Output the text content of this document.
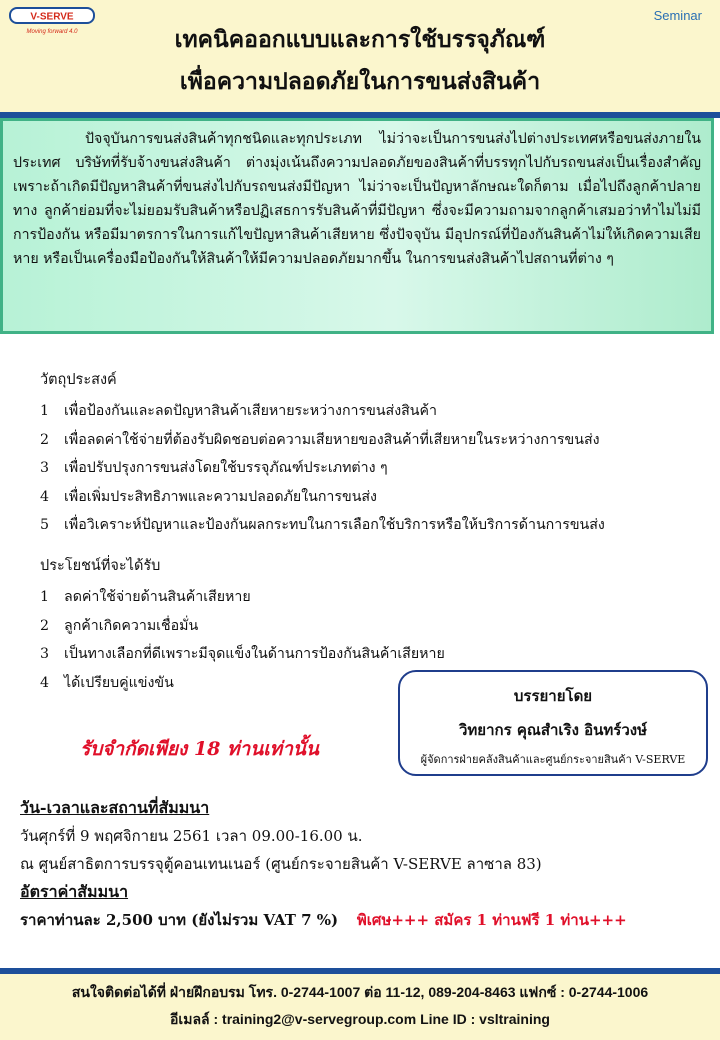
V-SERVE
Moving forward 4.0
Seminar
เทคนิคออกแบบและการใช้บรรจุภัณฑ์
เพื่อความปลอดภัยในการขนส่งสินค้า

ปัจจุบันการขนส่งสินค้าทุกชนิดและทุกประเภท ไม่ว่าจะเป็นการขนส่งไปต่างประเทศหรือขนส่งภายในประเทศ บริษัทที่รับจ้างขนส่งสินค้า ต่างมุ่งเน้นถึงความปลอดภัยของสินค้าที่บรรทุกไปกับรถขนส่งเป็นเรื่องสำคัญ เพราะถ้าเกิดมีปัญหาสินค้าที่ขนส่งไปกับรถขนส่งมีปัญหา ไม่ว่าจะเป็นปัญหาลักษณะใดก็ตาม เมื่อไปถึงลูกค้าปลายทาง ลูกค้าย่อมที่จะไม่ยอมรับสินค้าหรือปฏิเสธการรับสินค้าที่มีปัญหา ซึ่งจะมีความถามจากลูกค้าเสมอว่าทำไมไม่มีการป้องกัน หรือมีมาตรการในการแก้ไขปัญหาสินค้าเสียหาย ซึ่งปัจจุบัน มีอุปกรณ์ที่ป้องกันสินค้าไม่ให้เกิดความเสียหาย หรือเป็นเครื่องมือป้องกันให้สินค้าให้มีความปลอดภัยมากขึ้น ในการขนส่งสินค้าไปสถานที่ต่าง ๆ

วัตถุประสงค์
1 เพื่อป้องกันและลดปัญหาสินค้าเสียหายระหว่างการขนส่งสินค้า
2 เพื่อลดค่าใช้จ่ายที่ต้องรับผิดชอบต่อความเสียหายของสินค้าที่เสียหายในระหว่างการขนส่ง
3 เพื่อปรับปรุงการขนส่งโดยใช้บรรจุภัณฑ์ประเภทต่าง ๆ
4 เพื่อเพิ่มประสิทธิภาพและความปลอดภัยในการขนส่ง
5 เพื่อวิเคราะห์ปัญหาและป้องกันผลกระทบในการเลือกใช้บริการหรือให้บริการด้านการขนส่ง
ประโยชน์ที่จะได้รับ
1 ลดค่าใช้จ่ายด้านสินค้าเสียหาย
2 ลูกค้าเกิดความเชื่อมั่น
3 เป็นทางเลือกที่ดีเพราะมีจุดแข็งในด้านการป้องกันสินค้าเสียหาย
4 ได้เปรียบคู่แข่งขัน
บรรยายโดย
วิทยากร คุณสำเริง อินทร์วงษ์
ผู้จัดการฝ่ายคลังสินค้าและศูนย์กระจายสินค้า V-SERVE
รับจำกัดเพียง 18 ท่านเท่านั้น
วัน-เวลาและสถานที่สัมมนา
วันศุกร์ที่ 9 พฤศจิกายน 2561 เวลา 09.00-16.00 น.
ณ ศูนย์สาธิตการบรรจุตู้คอนเทนเนอร์ (ศูนย์กระจายสินค้า V-SERVE ลาซาล 83)
อัตราค่าสัมมนา
ราคาท่านละ 2,500 บาท (ยังไม่รวม VAT 7 %) พิเศษ+++ สมัคร 1 ท่านฟรี 1 ท่าน+++
สนใจติดต่อได้ที่ ฝ่ายฝึกอบรม โทร. 0-2744-1007 ต่อ 11-12, 089-204-8463 แฟกซ์ : 0-2744-1006
อีเมลล์ : training2@v-servegroup.com Line ID : vsltraining
